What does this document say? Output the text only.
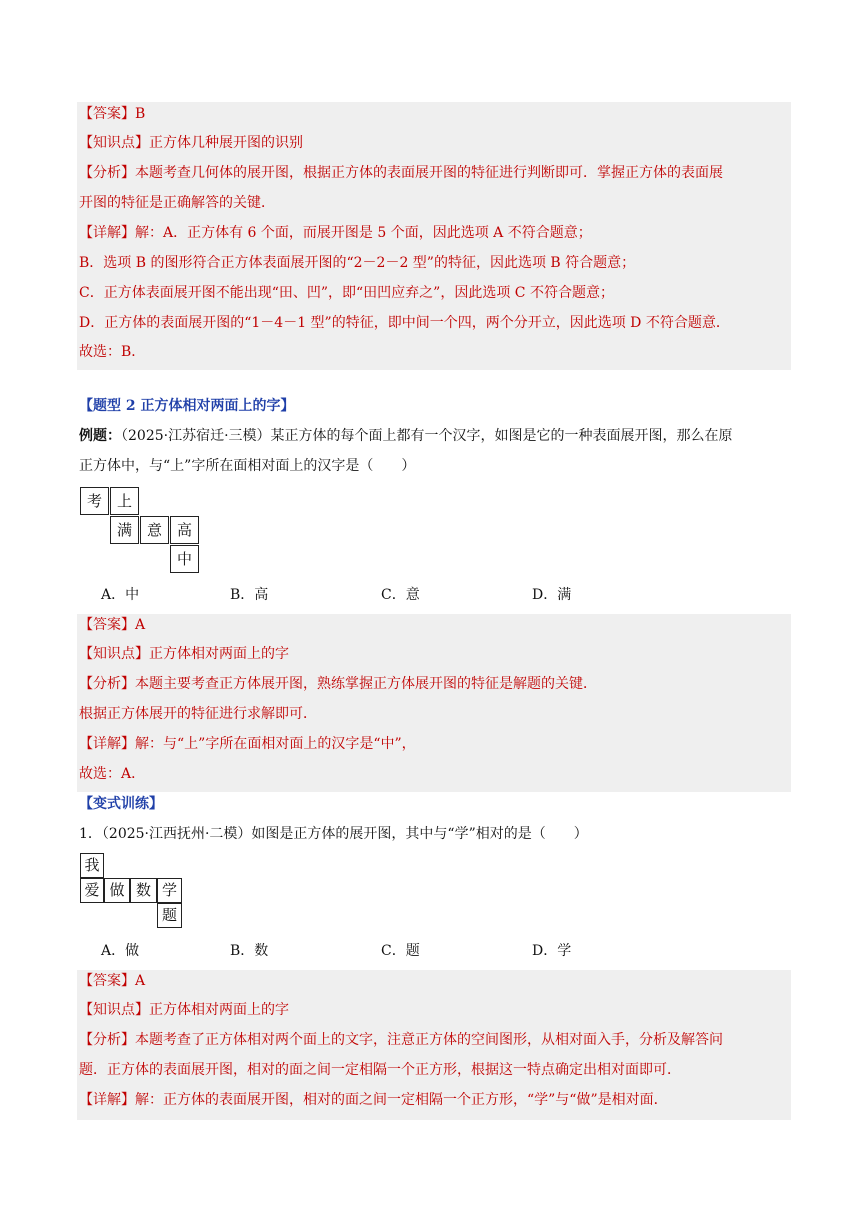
【答案】B
【知识点】正方体几种展开图的识别
【分析】本题考查几何体的展开图，根据正方体的表面展开图的特征进行判断即可．掌握正方体的表面展
开图的特征是正确解答的关键．
【详解】解：A．正方体有 6 个面，而展开图是 5 个面，因此选项 A 不符合题意；
B．选项 B 的图形符合正方体表面展开图的“2－2－2 型”的特征，因此选项 B 符合题意；
C．正方体表面展开图不能出现“田、凹”，即“田凹应弃之”，因此选项 C 不符合题意；
D．正方体的表面展开图的“1－4－1 型”的特征，即中间一个四，两个分开立，因此选项 D 不符合题意．
故选：B．
【题型 2 正方体相对两面上的字】
例题：（2025·江苏宿迁·三模）某正方体的每个面上都有一个汉字，如图是它的一种表面展开图，那么在原
正方体中，与“上”字所在面相对面上的汉字是（　　）
考 上
满 意 高
中
A．中	B．高	C．意	D．满
【答案】A
【知识点】正方体相对两面上的字
【分析】本题主要考查正方体展开图，熟练掌握正方体展开图的特征是解题的关键．
根据正方体展开的特征进行求解即可．
【详解】解：与“上”字所在面相对面上的汉字是“中”，
故选：A．
【变式训练】
1．（2025·江西抚州·二模）如图是正方体的展开图，其中与“学”相对的是（　　）
我
爱 做 数 学
题
A．做	B．数	C．题	D．学
【答案】A
【知识点】正方体相对两面上的字
【分析】本题考查了正方体相对两个面上的文字，注意正方体的空间图形，从相对面入手，分析及解答问
题．正方体的表面展开图，相对的面之间一定相隔一个正方形，根据这一特点确定出相对面即可．
【详解】解：正方体的表面展开图，相对的面之间一定相隔一个正方形，“学”与“做”是相对面．
